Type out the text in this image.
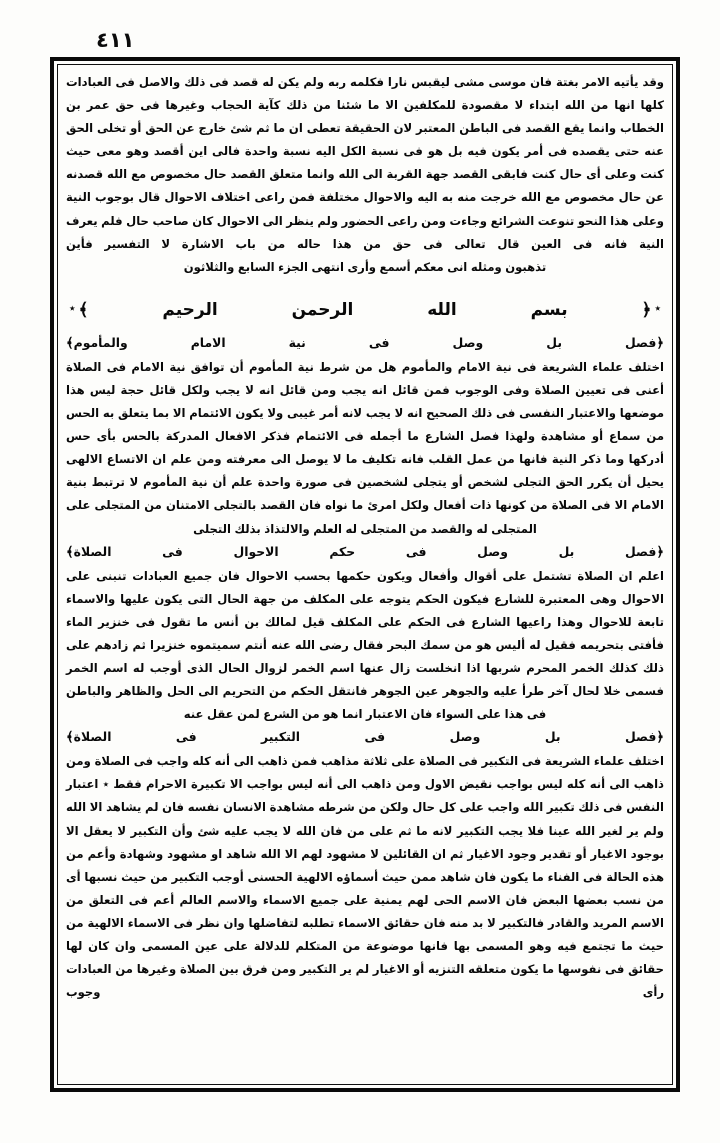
٤١١

وقد يأتيه الامر بغتة فان موسى مشى ليقبس نارا فكلمه ربه ولم يكن له قصد فى ذلك والاصل فى العبادات كلها انها من الله ابتداء لا مقصودة للمكلفين الا ما شئنا من ذلك كآية الحجاب وغيرها فى حق عمر بن الخطاب وانما يقع القصد فى الباطن المعتبر لان الحقيقة تعطى ان ما ثم شئ خارج عن الحق أو تخلى الحق عنه حتى يقصده فى أمر يكون فيه بل هو فى نسبة الكل اليه نسبة واحدة فالى اين أقصد وهو معى حيث كنت وعلى أى حال كنت فابقى القصد جهة القربة الى الله وانما متعلق القصد حال مخصوص مع الله قصدنه عن حال مخصوص مع الله خرجت منه به اليه والاحوال مختلفة فمن راعى اختلاف الاحوال قال بوجوب النية وعلى هذا النحو تنوعت الشرائع وجاءت ومن راعى الحضور ولم ينظر الى الاحوال كان صاحب حال فلم يعرف النية فانه فى العين قال تعالى فى حق من هذا حاله من باب الاشارة لا التفسير فأين

تذهبون ومثله انى معكم أسمع وأرى انتهى الجزء السابع والثلاثون

٭﴿ بسم الله الرحمن الرحيم ﴾٭
﴿فصل بل وصل فى نية الامام والمأموم﴾

اختلف علماء الشريعة فى نية الامام والمأموم هل من شرط نية المأموم أن توافق نية الامام فى الصلاة أعنى فى تعيين الصلاة وفى الوجوب فمن قائل انه يجب ومن قائل انه لا يجب ولكل قائل حجة ليس هذا موضعها والاعتبار النفسى فى ذلك الصحيح انه لا يجب لانه أمر غيبى ولا يكون الائتمام الا بما يتعلق به الحس من سماع أو مشاهدة ولهذا فصل الشارع ما أجمله فى الائتمام فذكر الافعال المدركة بالحس بأى حس أدركها وما ذكر النية فانها من عمل القلب فانه تكليف ما لا يوصل الى معرفته ومن علم ان الاتساع الالهى يحيل أن يكرر الحق التجلى لشخص أو يتجلى لشخصين فى صورة واحدة علم أن نية المأموم لا ترتبط بنية الامام الا فى الصلاة من كونها ذات أفعال ولكل امرئ ما نواه فان القصد بالتجلى الامتنان من المتجلى على المتجلى له والقصد من المتجلى له العلم والالتذاذ بذلك التجلى

﴿فصل بل وصل فى حكم الاحوال فى الصلاة﴾

اعلم ان الصلاة تشتمل على أقوال وأفعال ويكون حكمها بحسب الاحوال فان جميع العبادات تنبنى على الاحوال وهى المعتبرة للشارع فيكون الحكم يتوجه على المكلف من جهة الحال التى يكون عليها والاسماء تابعة للاحوال وهذا راعيها الشارع فى الحكم على المكلف قيل لمالك بن أنس ما تقول فى خنزير الماء فأفتى بتحريمه فقيل له أليس هو من سمك البحر فقال رضى الله عنه أنتم سميتموه خنزيرا ثم زادهم على ذلك كذلك الخمر المحرم شربها اذا انخلست زال عنها اسم الخمر لزوال الحال الذى أوجب له اسم الخمر فسمى خلا لحال آخر طرأ عليه والجوهر عين الجوهر فانتقل الحكم من التحريم الى الحل والظاهر والباطن فى هذا على السواء فان الاعتبار انما هو من الشرع لمن عقل عنه

﴿فصل بل وصل فى التكبير فى الصلاة﴾

اختلف علماء الشريعة فى التكبير فى الصلاة على ثلاثة مذاهب فمن ذاهب الى أنه كله واجب فى الصلاة ومن ذاهب الى أنه كله ليس بواجب نقيض الاول ومن ذاهب الى أنه ليس بواجب الا تكبيرة الاحرام فقط ٭ اعتبار النفس فى ذلك تكبير الله واجب على كل حال ولكن من شرطه مشاهدة الانسان نفسه فان لم يشاهد الا الله ولم ير لغير الله عينا فلا يجب التكبير لانه ما ثم على من فان الله لا يجب عليه شئ وأن التكبير لا يعقل الا بوجود الاغيار أو تقدير وجود الاغيار ثم ان القائلين لا مشهود لهم الا الله شاهد او مشهود وشهادة وأعم من هذه الحالة فى الفناء ما يكون فان شاهد ممن حيث أسماؤه الالهية الحسنى أوجب التكبير من حيث نسبها أى من نسب بعضها البعض فان الاسم الحى لهم يمنية على جميع الاسماء والاسم العالم أعم فى التعلق من الاسم المريد والقادر فالتكبير لا بد منه فان حقائق الاسماء تطلبه لتفاضلها وان نظر فى الاسماء الالهية من حيث ما تجتمع فيه وهو المسمى بها فانها موضوعة من المتكلم للدلالة على عين المسمى وان كان لها حقائق فى نفوسها ما يكون متعلقه التنزيه أو الاغيار لم ير التكبير ومن فرق بين الصلاة وغيرها من العبادات رأى وجوب
